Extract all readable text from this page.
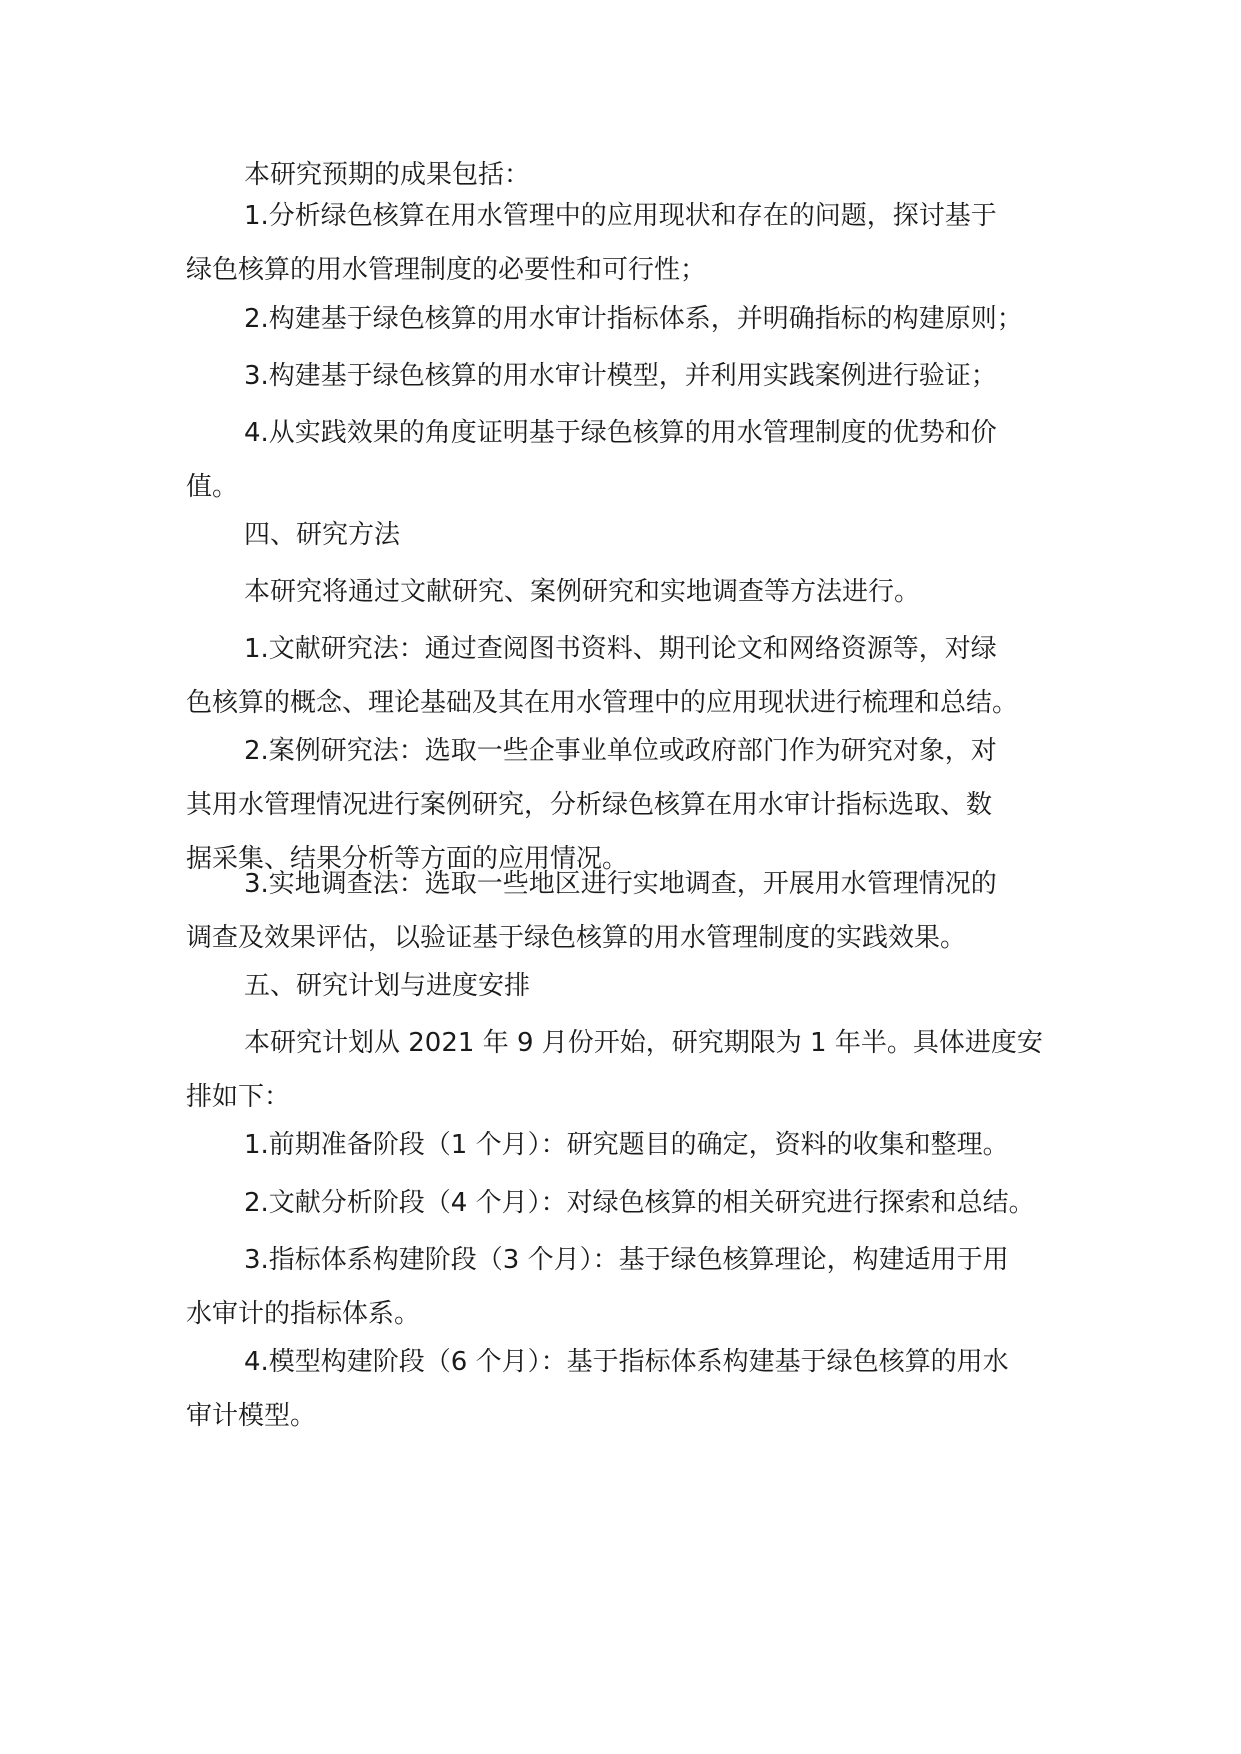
本研究预期的成果包括：
1.分析绿色核算在用水管理中的应用现状和存在的问题，探讨基于
绿色核算的用水管理制度的必要性和可行性；
2.构建基于绿色核算的用水审计指标体系，并明确指标的构建原则；
3.构建基于绿色核算的用水审计模型，并利用实践案例进行验证；
4.从实践效果的角度证明基于绿色核算的用水管理制度的优势和价
值。
四、研究方法
本研究将通过文献研究、案例研究和实地调查等方法进行。
1.文献研究法：通过查阅图书资料、期刊论文和网络资源等，对绿
色核算的概念、理论基础及其在用水管理中的应用现状进行梳理和总结。
2.案例研究法：选取一些企事业单位或政府部门作为研究对象，对
其用水管理情况进行案例研究，分析绿色核算在用水审计指标选取、数
据采集、结果分析等方面的应用情况。
3.实地调查法：选取一些地区进行实地调查，开展用水管理情况的
调查及效果评估，以验证基于绿色核算的用水管理制度的实践效果。
五、研究计划与进度安排
本研究计划从 2021 年 9 月份开始，研究期限为 1 年半。具体进度安
排如下：
1.前期准备阶段（1 个月）：研究题目的确定，资料的收集和整理。
2.文献分析阶段（4 个月）：对绿色核算的相关研究进行探索和总结。
3.指标体系构建阶段（3 个月）：基于绿色核算理论，构建适用于用
水审计的指标体系。
4.模型构建阶段（6 个月）：基于指标体系构建基于绿色核算的用水
审计模型。
